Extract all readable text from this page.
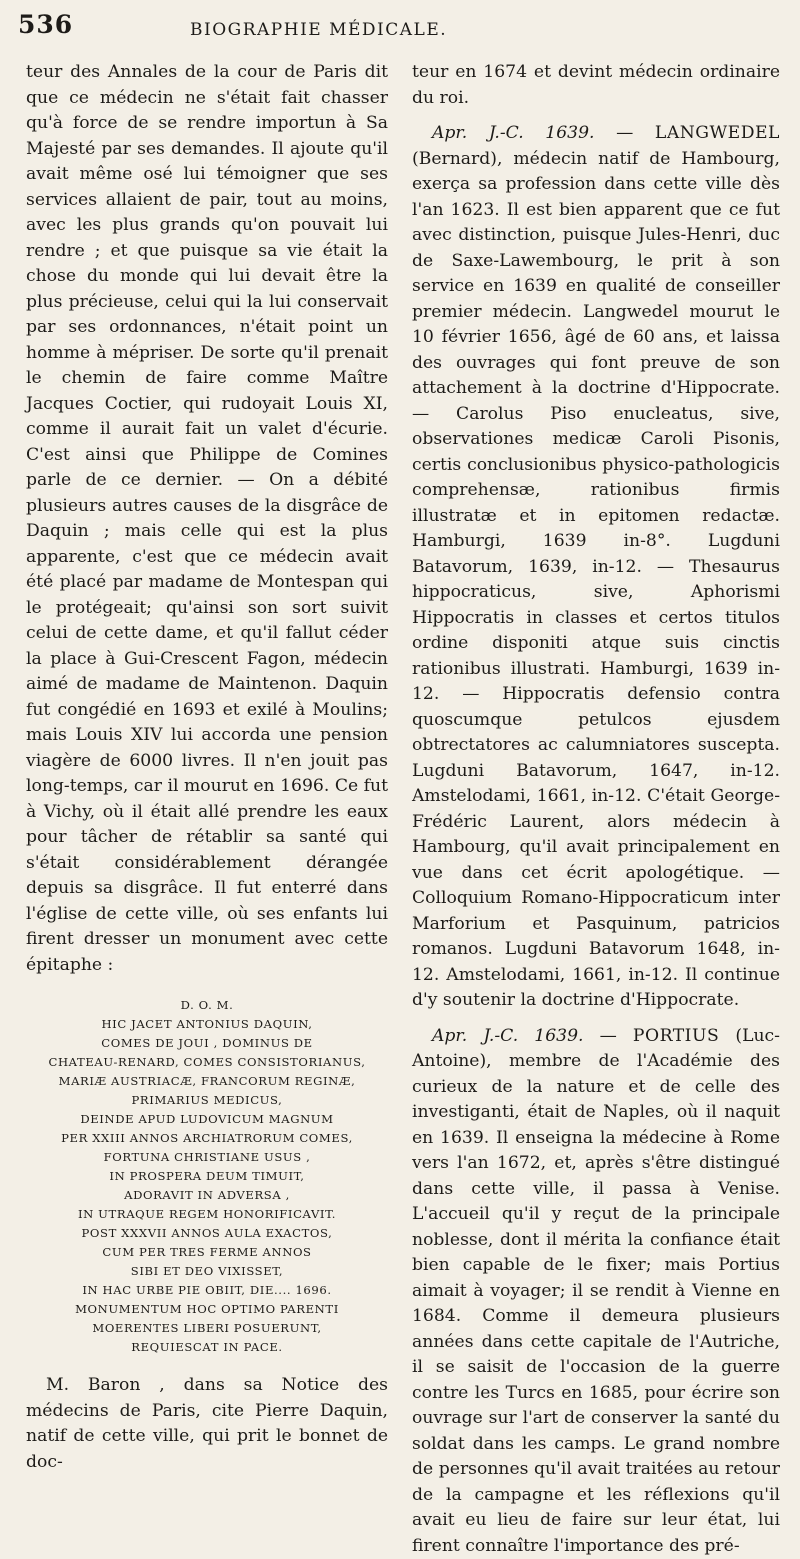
536	BIOGRAPHIE MÉDICALE.

teur des Annales de la cour de Paris dit que ce médecin ne s'était fait chasser qu'à force de se rendre importun à Sa Majesté par ses demandes. Il ajoute qu'il avait même osé lui témoigner que ses services allaient de pair, tout au moins, avec les plus grands qu'on pouvait lui rendre ; et que puisque sa vie était la chose du monde qui lui devait être la plus précieuse, celui qui la lui conservait par ses ordonnances, n'était point un homme à mépriser. De sorte qu'il prenait le chemin de faire comme Maître Jacques Coctier, qui rudoyait Louis XI, comme il aurait fait un valet d'écurie. C'est ainsi que Philippe de Comines parle de ce dernier. — On a débité plusieurs autres causes de la disgrâce de Daquin ; mais celle qui est la plus apparente, c'est que ce médecin avait été placé par madame de Montespan qui le protégeait; qu'ainsi son sort suivit celui de cette dame, et qu'il fallut céder la place à Gui-Crescent Fagon, médecin aimé de madame de Maintenon. Daquin fut congédié en 1693 et exilé à Moulins; mais Louis XIV lui accorda une pension viagère de 6000 livres. Il n'en jouit pas long-temps, car il mourut en 1696. Ce fut à Vichy, où il était allé prendre les eaux pour tâcher de rétablir sa santé qui s'était considérablement dérangée depuis sa disgrâce. Il fut enterré dans l'église de cette ville, où ses enfants lui firent dresser un monument avec cette épitaphe :

D. O. M.
HIC JACET ANTONIUS DAQUIN,
COMES DE JOUI , DOMINUS DE
CHATEAU-RENARD, COMES CONSISTORIANUS,
MARIÆ AUSTRIACÆ, FRANCORUM REGINÆ,
PRIMARIUS MEDICUS,
DEINDE APUD LUDOVICUM MAGNUM
PER XXIII ANNOS ARCHIATRORUM COMES,
FORTUNA CHRISTIANE USUS ,
IN PROSPERA DEUM TIMUIT,
ADORAVIT IN ADVERSA ,
IN UTRAQUE REGEM HONORIFICAVIT.
POST XXXVII ANNOS AULA EXACTOS,
CUM PER TRES FERME ANNOS
SIBI ET DEO VIXISSET,
IN HAC URBE PIE OBIIT, DIE.... 1696.
MONUMENTUM HOC OPTIMO PARENTI
MOERENTES LIBERI POSUERUNT,
REQUIESCAT IN PACE.

M. Baron , dans sa Notice des médecins de Paris, cite Pierre Daquin, natif de cette ville, qui prit le bonnet de doc-

teur en 1674 et devint médecin ordinaire du roi.

Apr. J.-C. 1639. — LANGWEDEL (Bernard), médecin natif de Hambourg, exerça sa profession dans cette ville dès l'an 1623. Il est bien apparent que ce fut avec distinction, puisque Jules-Henri, duc de Saxe-Lawembourg, le prit à son service en 1639 en qualité de conseiller premier médecin. Langwedel mourut le 10 février 1656, âgé de 60 ans, et laissa des ouvrages qui font preuve de son attachement à la doctrine d'Hippocrate. — Carolus Piso enucleatus, sive, observationes medicæ Caroli Pisonis, certis conclusionibus physico-pathologicis comprehensæ, rationibus firmis illustratæ et in epitomen redactæ. Hamburgi, 1639 in-8°. Lugduni Batavorum, 1639, in-12. — Thesaurus hippocraticus, sive, Aphorismi Hippocratis in classes et certos titulos ordine disponiti atque suis cinctis rationibus illustrati. Hamburgi, 1639 in-12. — Hippocratis defensio contra quoscumque petulcos ejusdem obtrectatores ac calumniatores suscepta. Lugduni Batavorum, 1647, in-12. Amstelodami, 1661, in-12. C'était George-Frédéric Laurent, alors médecin à Hambourg, qu'il avait principalement en vue dans cet écrit apologétique. — Colloquium Romano-Hippocraticum inter Marforium et Pasquinum, patricios romanos. Lugduni Batavorum 1648, in-12. Amstelodami, 1661, in-12. Il continue d'y soutenir la doctrine d'Hippocrate.

Apr. J.-C. 1639. — PORTIUS (Luc-Antoine), membre de l'Académie des curieux de la nature et de celle des investiganti, était de Naples, où il naquit en 1639. Il enseigna la médecine à Rome vers l'an 1672, et, après s'être distingué dans cette ville, il passa à Venise. L'accueil qu'il y reçut de la principale noblesse, dont il mérita la confiance était bien capable de le fixer; mais Portius aimait à voyager; il se rendit à Vienne en 1684. Comme il demeura plusieurs années dans cette capitale de l'Autriche, il se saisit de l'occasion de la guerre contre les Turcs en 1685, pour écrire son ouvrage sur l'art de conserver la santé du soldat dans les camps. Le grand nombre de personnes qu'il avait traitées au retour de la campagne et les réflexions qu'il avait eu lieu de faire sur leur état, lui firent connaître l'importance des pré-
